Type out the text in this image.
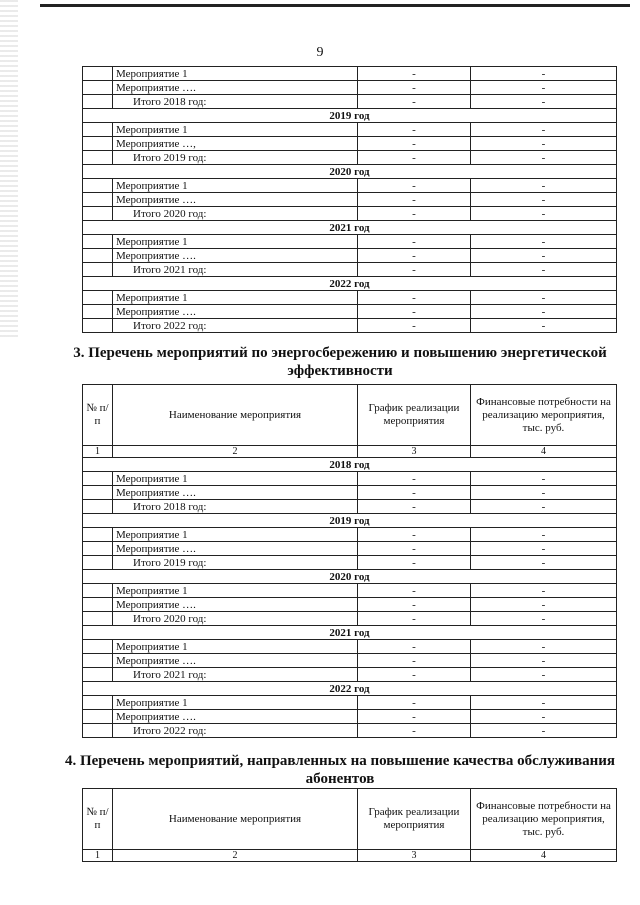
9
	Мероприятие 1	-	-
	Мероприятие ….	-	-
	Итого 2018 год:	-	-
2019 год			
	Мероприятие 1	-	-
	Мероприятие …,	-	-
	Итого 2019 год:	-	-
2020 год			
	Мероприятие 1	-	-
	Мероприятие ….	-	-
	Итого 2020 год:	-	-
2021 год			
	Мероприятие 1	-	-
	Мероприятие ….	-	-
	Итого 2021 год:	-	-
2022 год			
	Мероприятие 1	-	-
	Мероприятие ….	-	-
	Итого 2022 год:	-	-
3. Перечень мероприятий по энергосбережению и повышению энергетической эффективности
№ п/п	Наименование мероприятия	График реализации мероприятия	Финансовые потребности на реализацию мероприятия, тыс. руб.
1	2	3	4
2018 год			
	Мероприятие 1	-	-
	Мероприятие ….	-	-
	Итого 2018 год:	-	-
2019 год			
	Мероприятие 1	-	-
	Мероприятие ….	-	-
	Итого 2019 год:	-	-
2020 год			
	Мероприятие 1	-	-
	Мероприятие ….	-	-
	Итого 2020 год:	-	-
2021 год			
	Мероприятие 1	-	-
	Мероприятие ….	-	-
	Итого 2021 год:	-	-
2022 год			
	Мероприятие 1	-	-
	Мероприятие ….	-	-
	Итого 2022 год:	-	-
4. Перечень мероприятий, направленных на повышение качества обслуживания абонентов
№ п/п	Наименование мероприятия	График реализации мероприятия	Финансовые потребности на реализацию мероприятия, тыс. руб.
1	2	3	4
